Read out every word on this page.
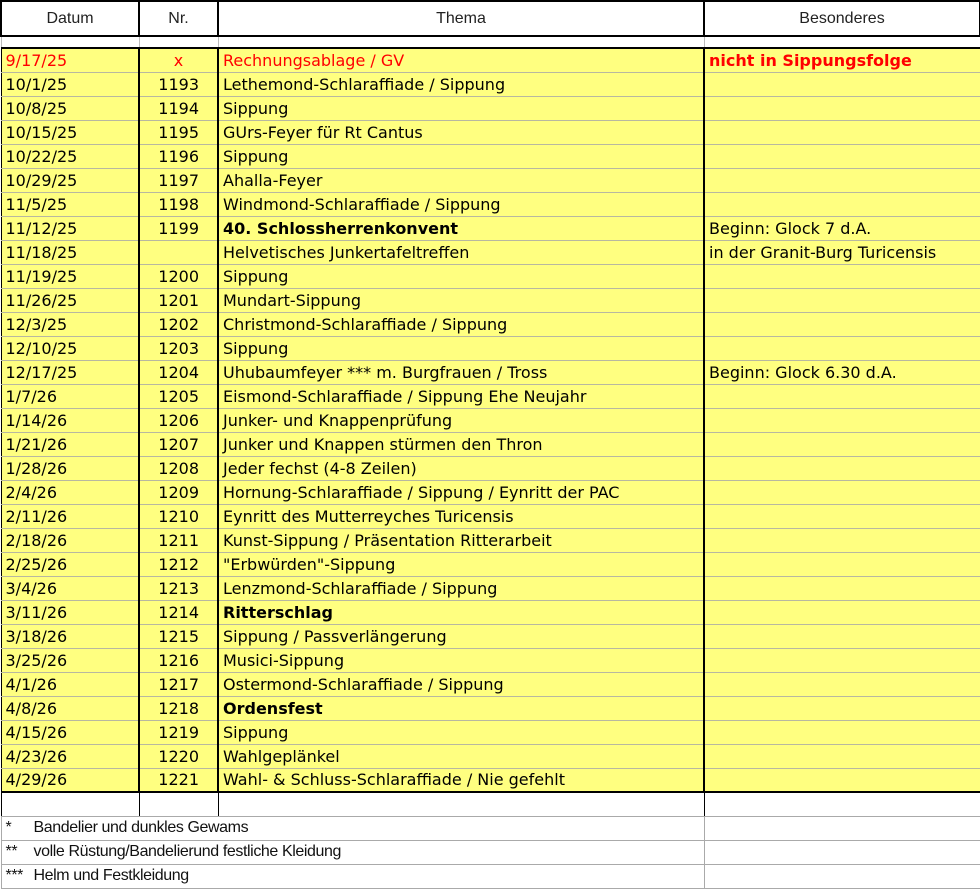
Datum	Nr.	Thema	Besonderes

9/17/25	x	Rechnungsablage / GV	nicht in Sippungsfolge
10/1/25	1193	Lethemond-Schlaraffiade / Sippung	
10/8/25	1194	Sippung	
10/15/25	1195	GUrs-Feyer für Rt Cantus	
10/22/25	1196	Sippung	
10/29/25	1197	Ahalla-Feyer	
11/5/25	1198	Windmond-Schlaraffiade / Sippung	
11/12/25	1199	40. Schlossherrenkonvent	Beginn: Glock 7 d.A.
11/18/25		Helvetisches Junkertafeltreffen	in der Granit-Burg Turicensis
11/19/25	1200	Sippung	
11/26/25	1201	Mundart-Sippung	
12/3/25	1202	Christmond-Schlaraffiade / Sippung	
12/10/25	1203	Sippung	
12/17/25	1204	Uhubaumfeyer *** m. Burgfrauen / Tross	Beginn: Glock 6.30 d.A.
1/7/26	1205	Eismond-Schlaraffiade / Sippung Ehe Neujahr	
1/14/26	1206	Junker- und Knappenprüfung	
1/21/26	1207	Junker und Knappen stürmen den Thron	
1/28/26	1208	Jeder fechst (4-8 Zeilen)	
2/4/26	1209	Hornung-Schlaraffiade / Sippung / Eynritt der PAC	
2/11/26	1210	Eynritt des Mutterreyches Turicensis	
2/18/26	1211	Kunst-Sippung / Präsentation Ritterarbeit	
2/25/26	1212	"Erbwürden"-Sippung	
3/4/26	1213	Lenzmond-Schlaraffiade / Sippung	
3/11/26	1214	Ritterschlag	
3/18/26	1215	Sippung / Passverlängerung	
3/25/26	1216	Musici-Sippung	
4/1/26	1217	Ostermond-Schlaraffiade / Sippung	
4/8/26	1218	Ordensfest	
4/15/26	1219	Sippung	
4/23/26	1220	Wahlgeplänkel	
4/29/26	1221	Wahl- & Schluss-Schlaraffiade / Nie gefehlt	

* Bandelier und dunkles Gewams			
** volle Rüstung/Bandelierund festliche Kleidung			
*** Helm und Festkleidung			
